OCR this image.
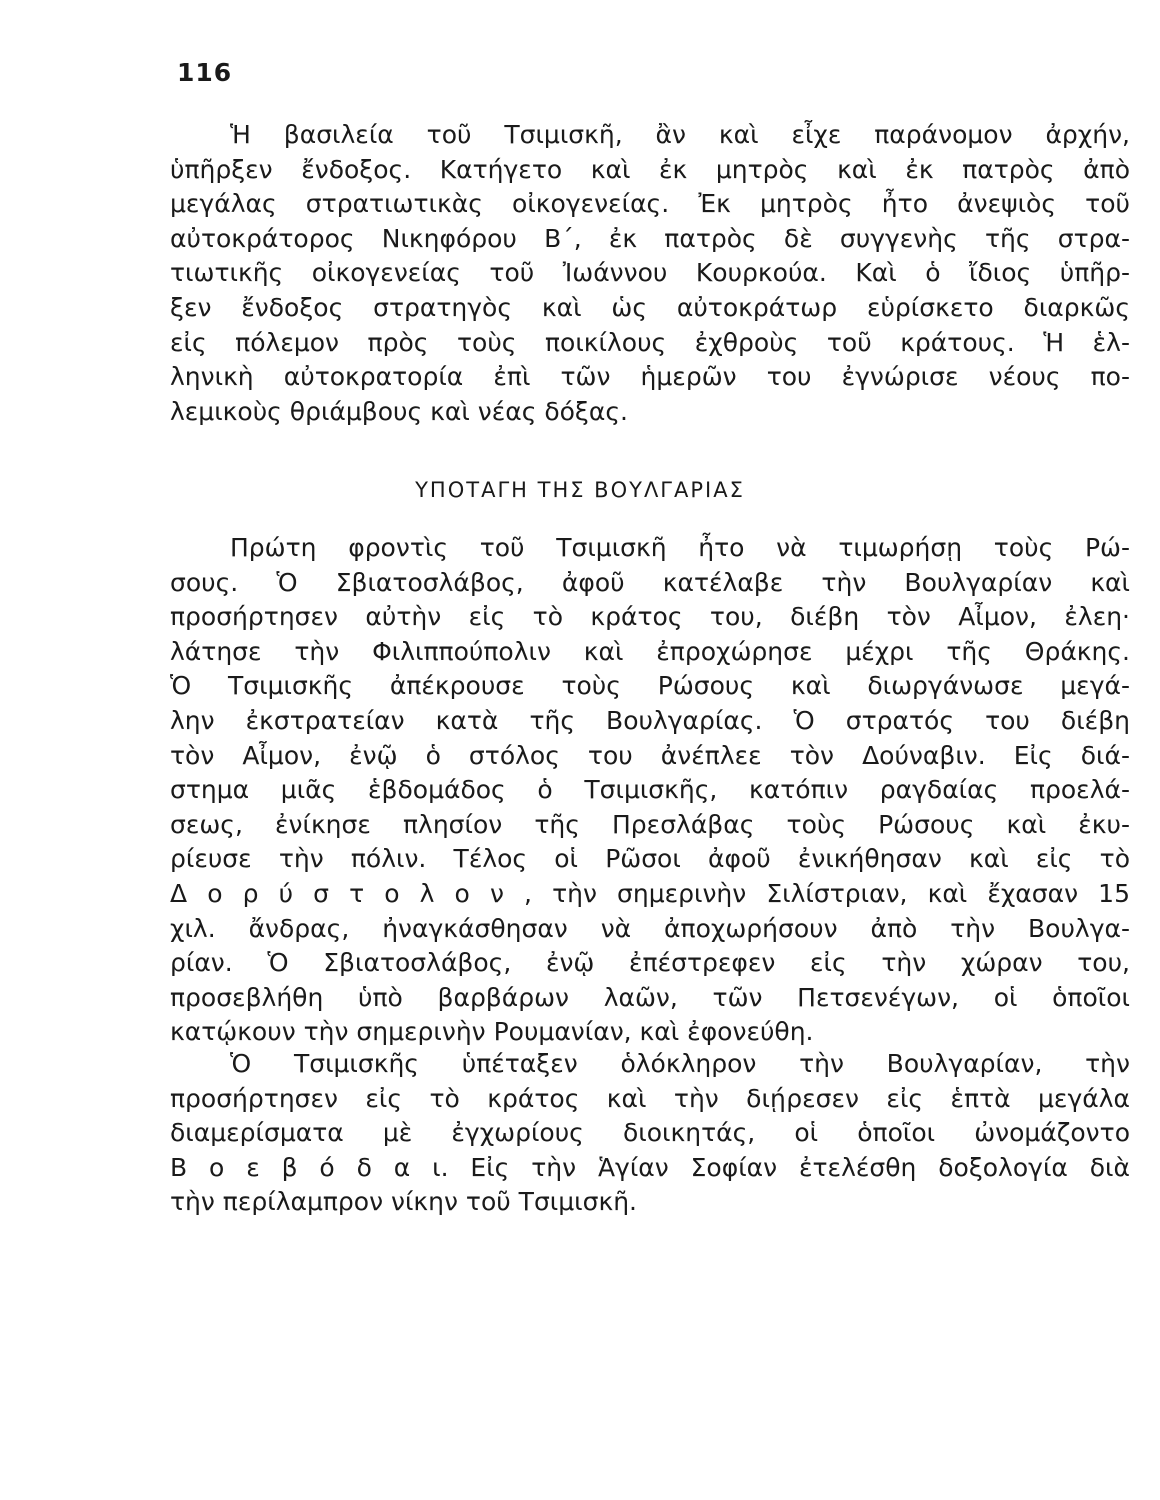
116
Ἡ βασιλεία τοῦ Τσιμισκῆ, ἂν καὶ εἶχε παράνομον ἀρχήν,
ὑπῆρξεν ἔνδοξος. Κατήγετο καὶ ἐκ μητρὸς καὶ ἐκ πατρὸς ἀπὸ
μεγάλας στρατιωτικὰς οἰκογενείας. Ἐκ μητρὸς ἦτο ἀνεψιὸς τοῦ
αὐτοκράτορος Νικηφόρου Β΄, ἐκ πατρὸς δὲ συγγενὴς τῆς στρα-
τιωτικῆς οἰκογενείας τοῦ Ἰωάννου Κουρκούα. Καὶ ὁ ἴδιος ὑπῆρ-
ξεν ἔνδοξος στρατηγὸς καὶ ὡς αὐτοκράτωρ εὑρίσκετο διαρκῶς
εἰς πόλεμον πρὸς τοὺς ποικίλους ἐχθροὺς τοῦ κράτους. Ἡ ἑλ-
ληνικὴ αὐτοκρατορία ἐπὶ τῶν ἡμερῶν του ἐγνώρισε νέους πο-
λεμικοὺς θριάμβους καὶ νέας δόξας.
ΥΠΟΤΑΓΗ ΤΗΣ ΒΟΥΛΓΑΡΙΑΣ
Πρώτη φροντὶς τοῦ Τσιμισκῆ ἦτο νὰ τιμωρήσῃ τοὺς Ρώ-
σους. Ὁ Σβιατοσλάβος, ἀφοῦ κατέλαβε τὴν Βουλγαρίαν καὶ
προσήρτησεν αὐτὴν εἰς τὸ κράτος του, διέβη τὸν Αἶμον, ἐλεη·
λάτησε τὴν Φιλιππούπολιν καὶ ἐπροχώρησε μέχρι τῆς Θράκης.
Ὁ Τσιμισκῆς ἀπέκρουσε τοὺς Ρώσους καὶ διωργάνωσε μεγά-
λην ἐκστρατείαν κατὰ τῆς Βουλγαρίας. Ὁ στρατός του διέβη
τὸν Αἶμον, ἐνῷ ὁ στόλος του ἀνέπλεε τὸν Δούναβιν. Εἰς διά-
στημα μιᾶς ἑβδομάδος ὁ Τσιμισκῆς, κατόπιν ραγδαίας προελά-
σεως, ἐνίκησε πλησίον τῆς Πρεσλάβας τοὺς Ρώσους καὶ ἐκυ-
ρίευσε τὴν πόλιν. Τέλος οἱ Ρῶσοι ἀφοῦ ἐνικήθησαν καὶ εἰς τὸ
Δ ο ρ ύ σ τ ο λ ο ν , τὴν σημερινὴν Σιλίστριαν, καὶ ἔχασαν 15
χιλ. ἄνδρας, ἠναγκάσθησαν νὰ ἀποχωρήσουν ἀπὸ τὴν Βουλγα-
ρίαν. Ὁ Σβιατοσλάβος, ἐνῷ ἐπέστρεφεν εἰς τὴν χώραν του,
προσεβλήθη ὑπὸ βαρβάρων λαῶν, τῶν Πετσενέγων, οἱ ὁποῖοι
κατῴκουν τὴν σημερινὴν Ρουμανίαν, καὶ ἐφονεύθη.
Ὁ Τσιμισκῆς ὑπέταξεν ὁλόκληρον τὴν Βουλγαρίαν, τὴν
προσήρτησεν εἰς τὸ κράτος καὶ τὴν διῄρεσεν εἰς ἑπτὰ μεγάλα
διαμερίσματα μὲ ἐγχωρίους διοικητάς, οἱ ὁποῖοι ὠνομάζοντο
Β ο ε β ό δ α ι. Εἰς τὴν Ἁγίαν Σοφίαν ἐτελέσθη δοξολογία διὰ
τὴν περίλαμπρον νίκην τοῦ Τσιμισκῆ.
